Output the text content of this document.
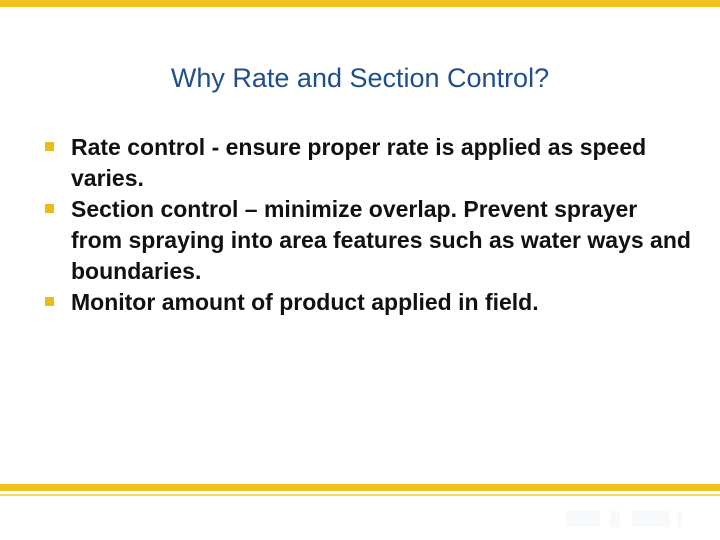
Why Rate and Section Control?
Rate control - ensure proper rate is applied as speed varies.
Section control – minimize overlap. Prevent sprayer from spraying into area features such as water ways and boundaries.
Monitor amount of product applied in field.
